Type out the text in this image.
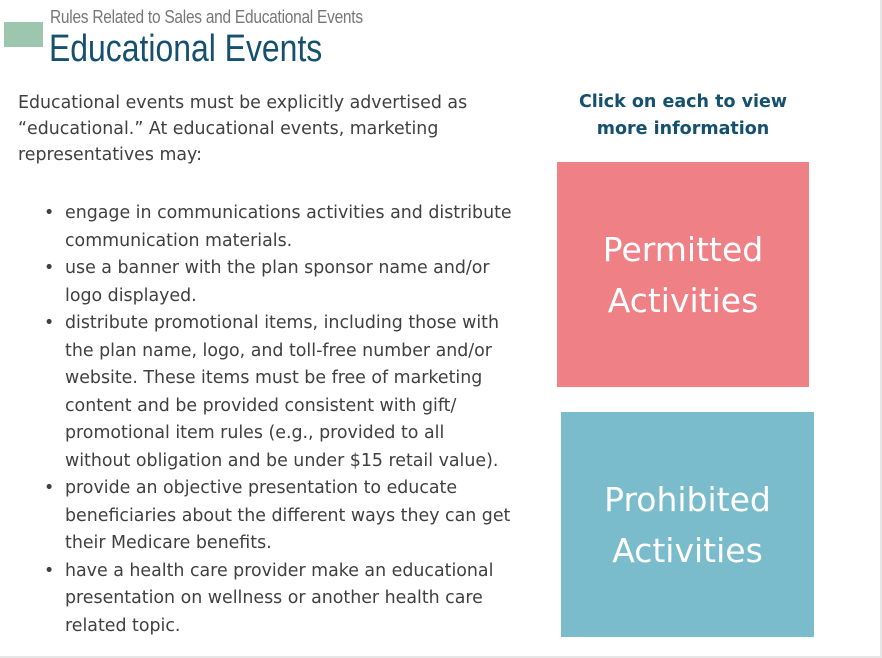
Rules Related to Sales and Educational Events
Educational Events
Educational events must be explicitly advertised as
“educational.” At educational events, marketing
representatives may:
• engage in communications activities and distribute
communication materials.
• use a banner with the plan sponsor name and/or
logo displayed.
• distribute promotional items, including those with
the plan name, logo, and toll-free number and/or
website. These items must be free of marketing
content and be provided consistent with gift/
promotional item rules (e.g., provided to all
without obligation and be under $15 retail value).
• provide an objective presentation to educate
beneficiaries about the different ways they can get
their Medicare benefits.
• have a health care provider make an educational
presentation on wellness or another health care
related topic.
Click on each to view
more information
Permitted
Activities
Prohibited
Activities
